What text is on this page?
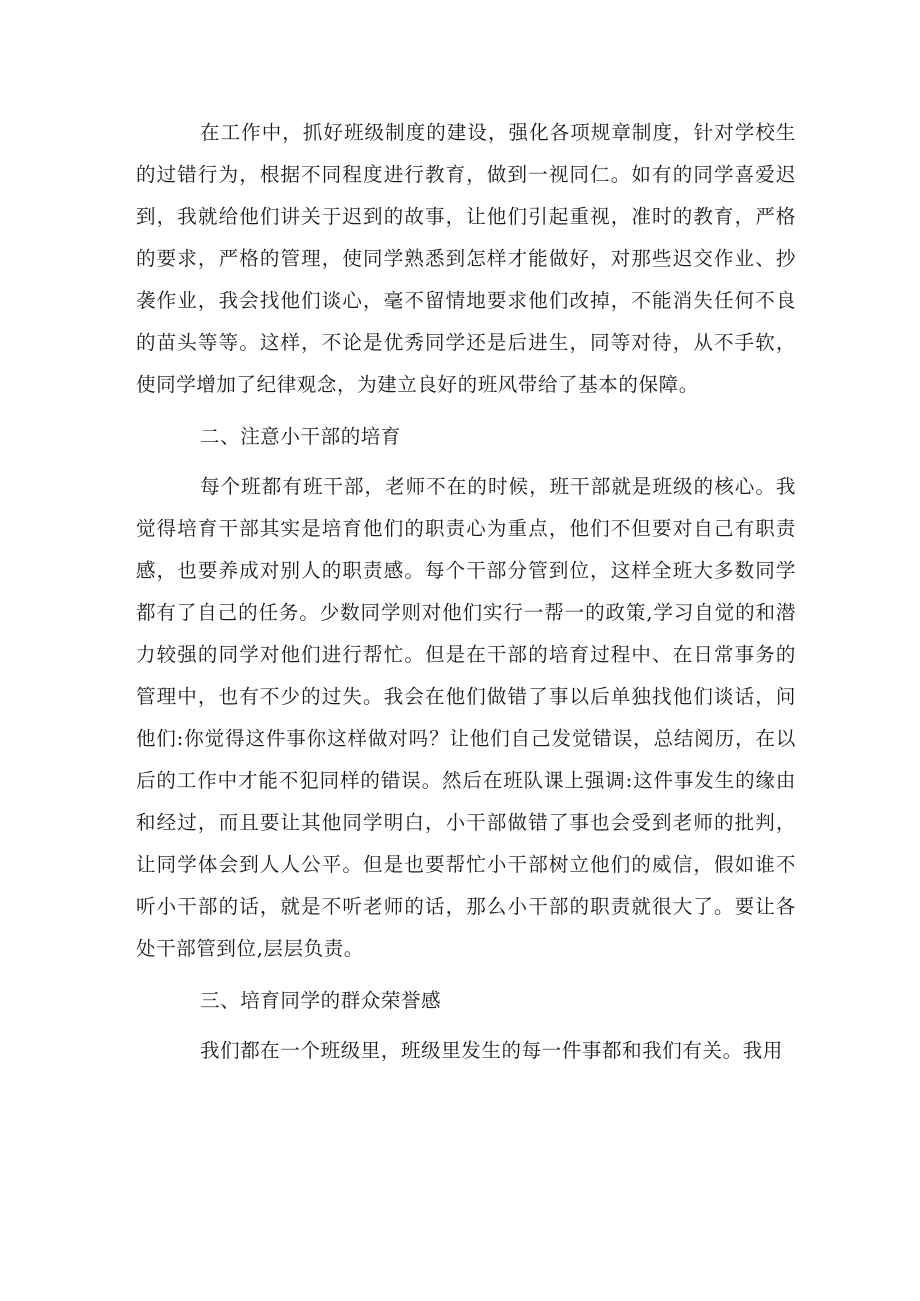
在工作中，抓好班级制度的建设，强化各项规章制度，针对学校生的过错行为，根据不同程度进行教育，做到一视同仁。如有的同学喜爱迟到，我就给他们讲关于迟到的故事，让他们引起重视，准时的教育，严格的要求，严格的管理，使同学熟悉到怎样才能做好，对那些迟交作业、抄袭作业，我会找他们谈心，毫不留情地要求他们改掉，不能消失任何不良的苗头等等。这样，不论是优秀同学还是后进生，同等对待，从不手软，使同学增加了纪律观念，为建立良好的班风带给了基本的保障。

二、注意小干部的培育

每个班都有班干部，老师不在的时候，班干部就是班级的核心。我觉得培育干部其实是培育他们的职责心为重点，他们不但要对自己有职责感，也要养成对别人的职责感。每个干部分管到位，这样全班大多数同学都有了自己的任务。少数同学则对他们实行一帮一的政策,学习自觉的和潜力较强的同学对他们进行帮忙。但是在干部的培育过程中、在日常事务的管理中，也有不少的过失。我会在他们做错了事以后单独找他们谈话，问他们:你觉得这件事你这样做对吗？让他们自己发觉错误，总结阅历，在以后的工作中才能不犯同样的错误。然后在班队课上强调:这件事发生的缘由和经过，而且要让其他同学明白，小干部做错了事也会受到老师的批判，让同学体会到人人公平。但是也要帮忙小干部树立他们的威信，假如谁不听小干部的话，就是不听老师的话，那么小干部的职责就很大了。要让各处干部管到位,层层负责。

三、培育同学的群众荣誉感

我们都在一个班级里，班级里发生的每一件事都和我们有关。我用
